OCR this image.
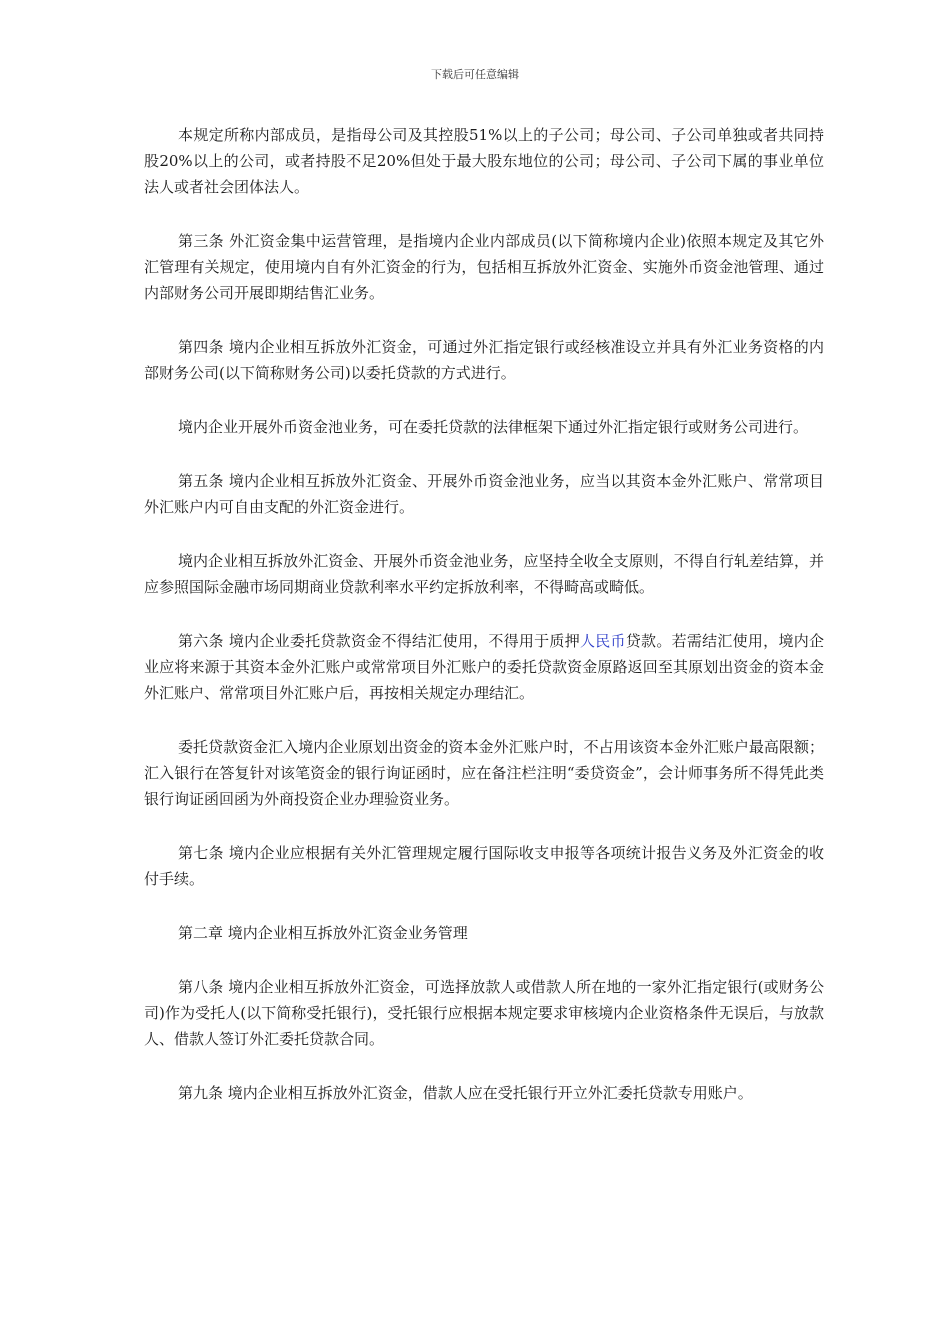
下载后可任意编辑

本规定所称内部成员，是指母公司及其控股51%以上的子公司；母公司、子公司单独或者共同持股20%以上的公司，或者持股不足20%但处于最大股东地位的公司；母公司、子公司下属的事业单位法人或者社会团体法人。

第三条 外汇资金集中运营管理，是指境内企业内部成员(以下简称境内企业)依照本规定及其它外汇管理有关规定，使用境内自有外汇资金的行为，包括相互拆放外汇资金、实施外币资金池管理、通过内部财务公司开展即期结售汇业务。

第四条 境内企业相互拆放外汇资金，可通过外汇指定银行或经核准设立并具有外汇业务资格的内部财务公司(以下简称财务公司)以委托贷款的方式进行。

境内企业开展外币资金池业务，可在委托贷款的法律框架下通过外汇指定银行或财务公司进行。

第五条 境内企业相互拆放外汇资金、开展外币资金池业务，应当以其资本金外汇账户、常常项目外汇账户内可自由支配的外汇资金进行。

境内企业相互拆放外汇资金、开展外币资金池业务，应坚持全收全支原则，不得自行轧差结算，并应参照国际金融市场同期商业贷款利率水平约定拆放利率，不得畸高或畸低。

第六条 境内企业委托贷款资金不得结汇使用，不得用于质押人民币贷款。若需结汇使用，境内企业应将来源于其资本金外汇账户或常常项目外汇账户的委托贷款资金原路返回至其原划出资金的资本金外汇账户、常常项目外汇账户后，再按相关规定办理结汇。

委托贷款资金汇入境内企业原划出资金的资本金外汇账户时，不占用该资本金外汇账户最高限额；汇入银行在答复针对该笔资金的银行询证函时，应在备注栏注明“委贷资金”，会计师事务所不得凭此类银行询证函回函为外商投资企业办理验资业务。

第七条 境内企业应根据有关外汇管理规定履行国际收支申报等各项统计报告义务及外汇资金的收付手续。

第二章 境内企业相互拆放外汇资金业务管理

第八条 境内企业相互拆放外汇资金，可选择放款人或借款人所在地的一家外汇指定银行(或财务公司)作为受托人(以下简称受托银行)，受托银行应根据本规定要求审核境内企业资格条件无误后，与放款人、借款人签订外汇委托贷款合同。

第九条 境内企业相互拆放外汇资金，借款人应在受托银行开立外汇委托贷款专用账户。
